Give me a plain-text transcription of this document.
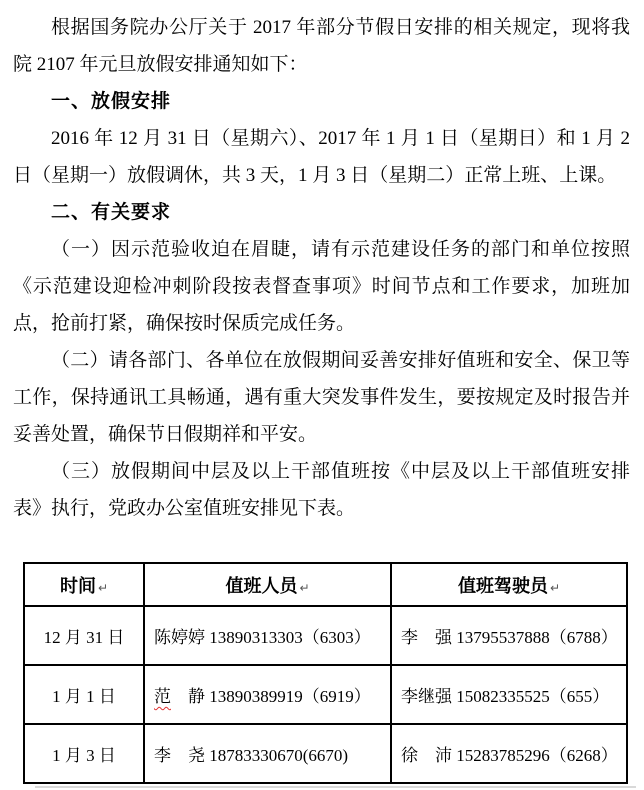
根据国务院办公厅关于 2017 年部分节假日安排的相关规定，现将我院 2107 年元旦放假安排通知如下：

一、放假安排

2016 年 12 月 31 日（星期六）、2017 年 1 月 1 日（星期日）和 1 月 2 日（星期一）放假调休，共 3 天，1 月 3 日（星期二）正常上班、上课。

二、有关要求

（一）因示范验收迫在眉睫，请有示范建设任务的部门和单位按照《示范建设迎检冲刺阶段按表督查事项》时间节点和工作要求，加班加点，抢前打紧，确保按时保质完成任务。

（二）请各部门、各单位在放假期间妥善安排好值班和安全、保卫等工作，保持通讯工具畅通，遇有重大突发事件发生，要按规定及时报告并妥善处置，确保节日假期祥和平安。

（三）放假期间中层及以上干部值班按《中层及以上干部值班安排表》执行，党政办公室值班安排见下表。

时间 ↵	值班人员 ↵	值班驾驶员 ↵
12 月 31 日	陈婷婷 13890313303（6303）	李　强 13795537888（6788）
1 月 1 日	范　静 13890389919（6919）	李继强 15082335525（655）
1 月 3 日	李　尧 18783330670(6670)	徐　沛 15283785296（6268）
